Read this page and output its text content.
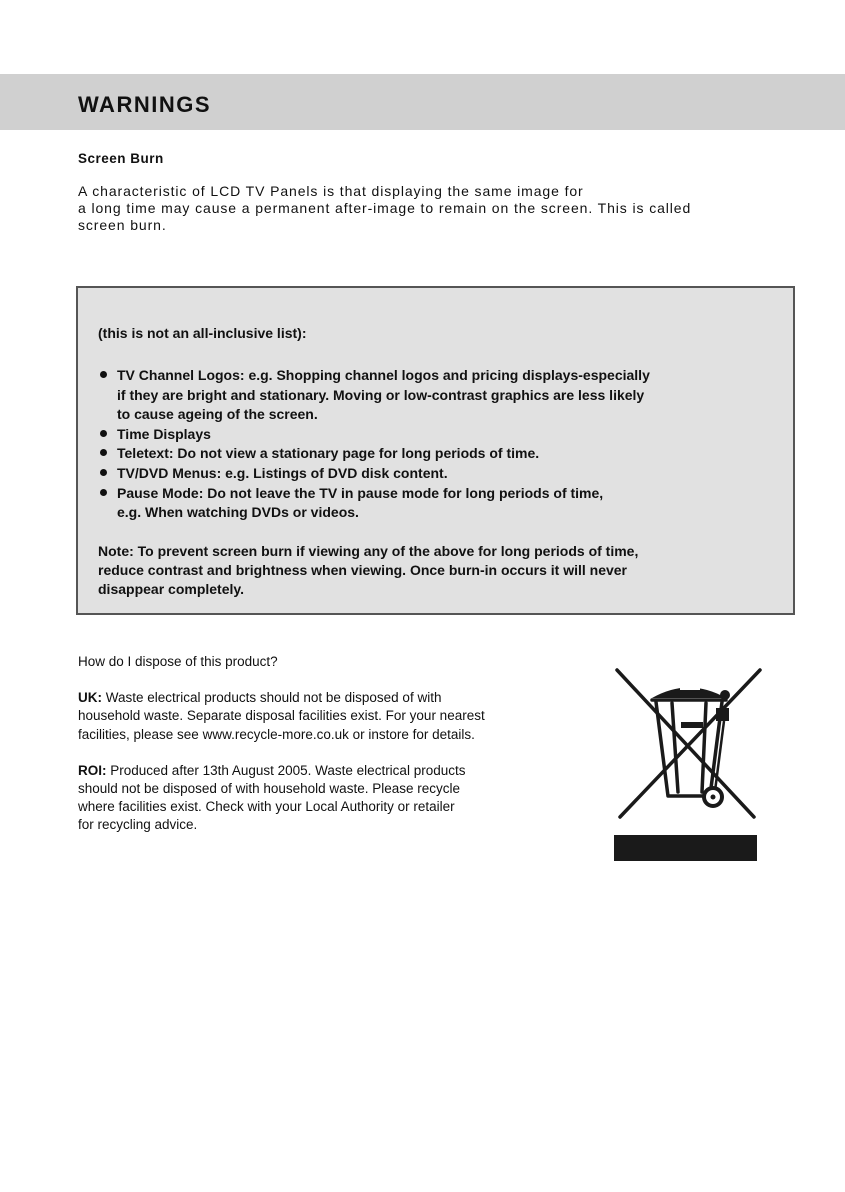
WARNINGS
Screen Burn

A characteristic of LCD TV Panels is that displaying the same image for
a long time may cause a permanent after-image to remain on the screen. This is called
screen burn.

(this is not an all-inclusive list):

TV Channel Logos: e.g. Shopping channel logos and pricing displays-especially
if they are bright and stationary. Moving or low-contrast graphics are less likely
to cause ageing of the screen.
Time Displays
Teletext: Do not view a stationary page for long periods of time.
TV/DVD Menus: e.g. Listings of DVD disk content.
Pause Mode: Do not leave the TV in pause mode for long periods of time,
e.g. When watching DVDs or videos.

Note: To prevent screen burn if viewing any of the above for long periods of time,
reduce contrast and brightness when viewing. Once burn-in occurs it will never
disappear completely.

How do I dispose of this product?

UK: Waste electrical products should not be disposed of with
household waste. Separate disposal facilities exist. For your nearest
facilities, please see www.recycle-more.co.uk or instore for details.

ROI: Produced after 13th August 2005. Waste electrical products
should not be disposed of with household waste. Please recycle
where facilities exist. Check with your Local Authority or retailer
for recycling advice.
